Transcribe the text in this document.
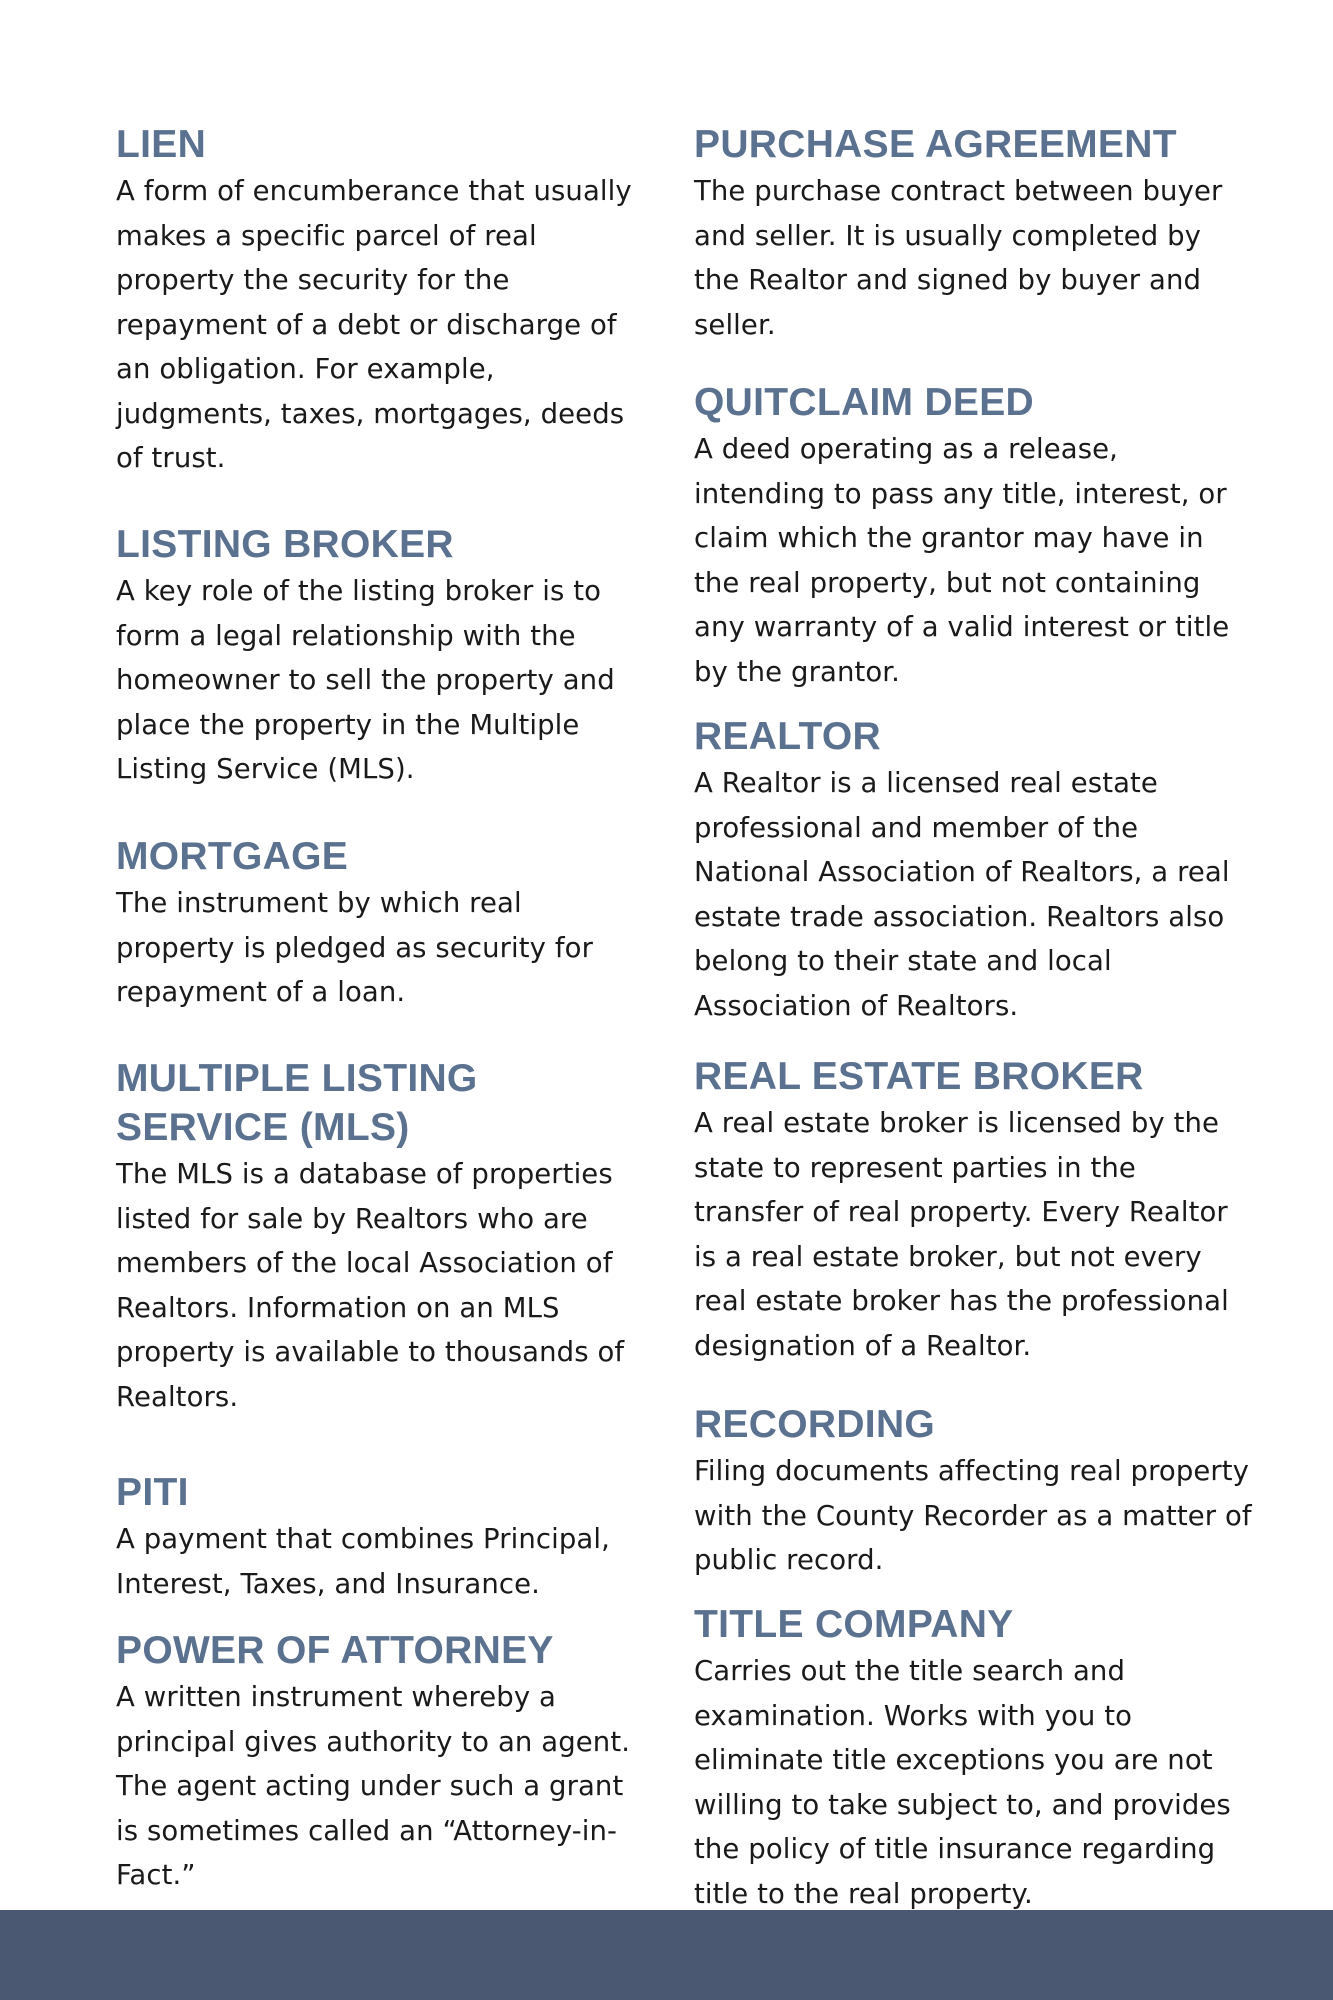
LIEN

A form of encumberance that usually makes a specific parcel of real property the security for the repayment of a debt or discharge of an obligation. For example, judgments, taxes, mortgages, deeds of trust.

LISTING BROKER

A key role of the listing broker is to form a legal relationship with the homeowner to sell the property and place the property in the Multiple Listing Service (MLS).

MORTGAGE

The instrument by which real property is pledged as security for repayment of a loan.

MULTIPLE LISTING SERVICE (MLS)

The MLS is a database of properties listed for sale by Realtors who are members of the local Association of Realtors. Information on an MLS property is available to thousands of Realtors.

PITI

A payment that combines Principal, Interest, Taxes, and Insurance.

POWER OF ATTORNEY

A written instrument whereby a principal gives authority to an agent. The agent acting under such a grant is sometimes called an “Attorney-in-Fact.”

PURCHASE AGREEMENT

The purchase contract between buyer and seller. It is usually completed by the Realtor and signed by buyer and seller.

QUITCLAIM DEED

A deed operating as a release, intending to pass any title, interest, or claim which the grantor may have in the real property, but not containing any warranty of a valid interest or title by the grantor.

REALTOR

A Realtor is a licensed real estate professional and member of the National Association of Realtors, a real estate trade association. Realtors also belong to their state and local Association of Realtors.

REAL ESTATE BROKER

A real estate broker is licensed by the state to represent parties in the transfer of real property. Every Realtor is a real estate broker, but not every real estate broker has the professional designation of a Realtor.

RECORDING

Filing documents affecting real property with the County Recorder as a matter of public record.

TITLE COMPANY

Carries out the title search and examination. Works with you to eliminate title exceptions you are not willing to take subject to, and provides the policy of title insurance regarding title to the real property.
